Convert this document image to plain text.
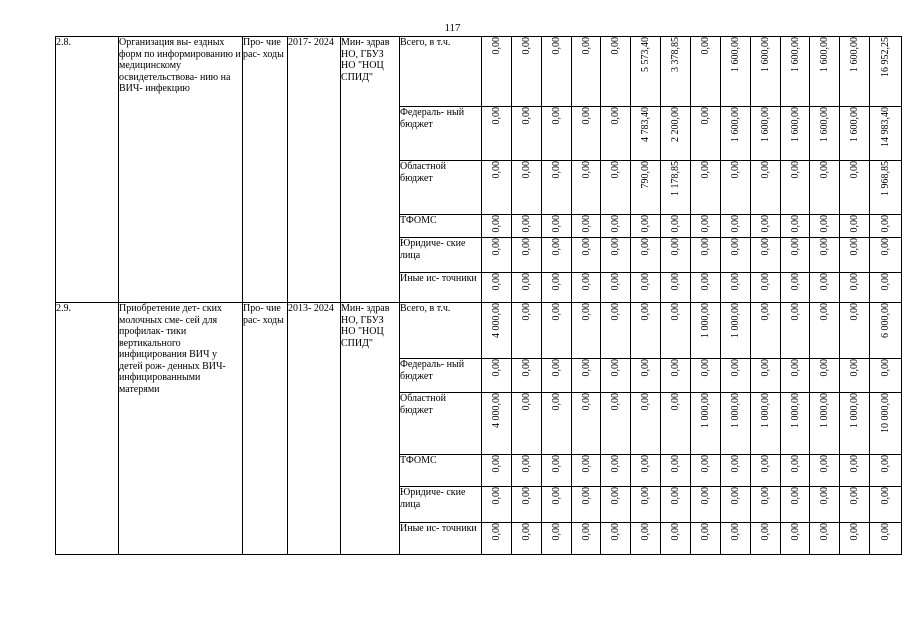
117
2.8.	Организация вы- ездных форм по информированию и медицинскому освидетельствова- нию на ВИЧ- инфекцию	Про- чие рас- ходы	2017- 2024	Мин- здрав НО, ГБУЗ НО "НОЦ СПИД"	Всего, в т.ч.	0,00	0,00	0,00	0,00	0,00	5 573,40	3 378,85	0,00	1 600,00	1 600,00	1 600,00	1 600,00	1 600,00	16 952,25
					Федераль- ный бюджет	0,00	0,00	0,00	0,00	0,00	4 783,40	2 200,00	0,00	1 600,00	1 600,00	1 600,00	1 600,00	1 600,00	14 983,40
					Областной бюджет	0,00	0,00	0,00	0,00	0,00	790,00	1 178,85	0,00	0,00	0,00	0,00	0,00	0,00	1 968,85
					ТФОМС	0,00	0,00	0,00	0,00	0,00	0,00	0,00	0,00	0,00	0,00	0,00	0,00	0,00	0,00
					Юридиче- ские лица	0,00	0,00	0,00	0,00	0,00	0,00	0,00	0,00	0,00	0,00	0,00	0,00	0,00	0,00
					Иные ис- точники	0,00	0,00	0,00	0,00	0,00	0,00	0,00	0,00	0,00	0,00	0,00	0,00	0,00	0,00
2.9.	Приобретение дет- ских молочных сме- сей для профилак- тики вертикального инфицирования ВИЧ у детей рож- денных ВИЧ- инфицированными матерями	Про- чие рас- ходы	2013- 2024	Мин- здрав НО, ГБУЗ НО "НОЦ СПИД"	Всего, в т.ч.	4 000,00	0,00	0,00	0,00	0,00	0,00	0,00	1 000,00	1 000,00	0,00	0,00	0,00	0,00	6 000,00
					Федераль- ный бюджет	0,00	0,00	0,00	0,00	0,00	0,00	0,00	0,00	0,00	0,00	0,00	0,00	0,00	0,00
					Областной бюджет	4 000,00	0,00	0,00	0,00	0,00	0,00	0,00	1 000,00	1 000,00	1 000,00	1 000,00	1 000,00	1 000,00	10 000,00
					ТФОМС	0,00	0,00	0,00	0,00	0,00	0,00	0,00	0,00	0,00	0,00	0,00	0,00	0,00	0,00
					Юридиче- ские лица	0,00	0,00	0,00	0,00	0,00	0,00	0,00	0,00	0,00	0,00	0,00	0,00	0,00	0,00
					Иные ис- точники	0,00	0,00	0,00	0,00	0,00	0,00	0,00	0,00	0,00	0,00	0,00	0,00	0,00	0,00
